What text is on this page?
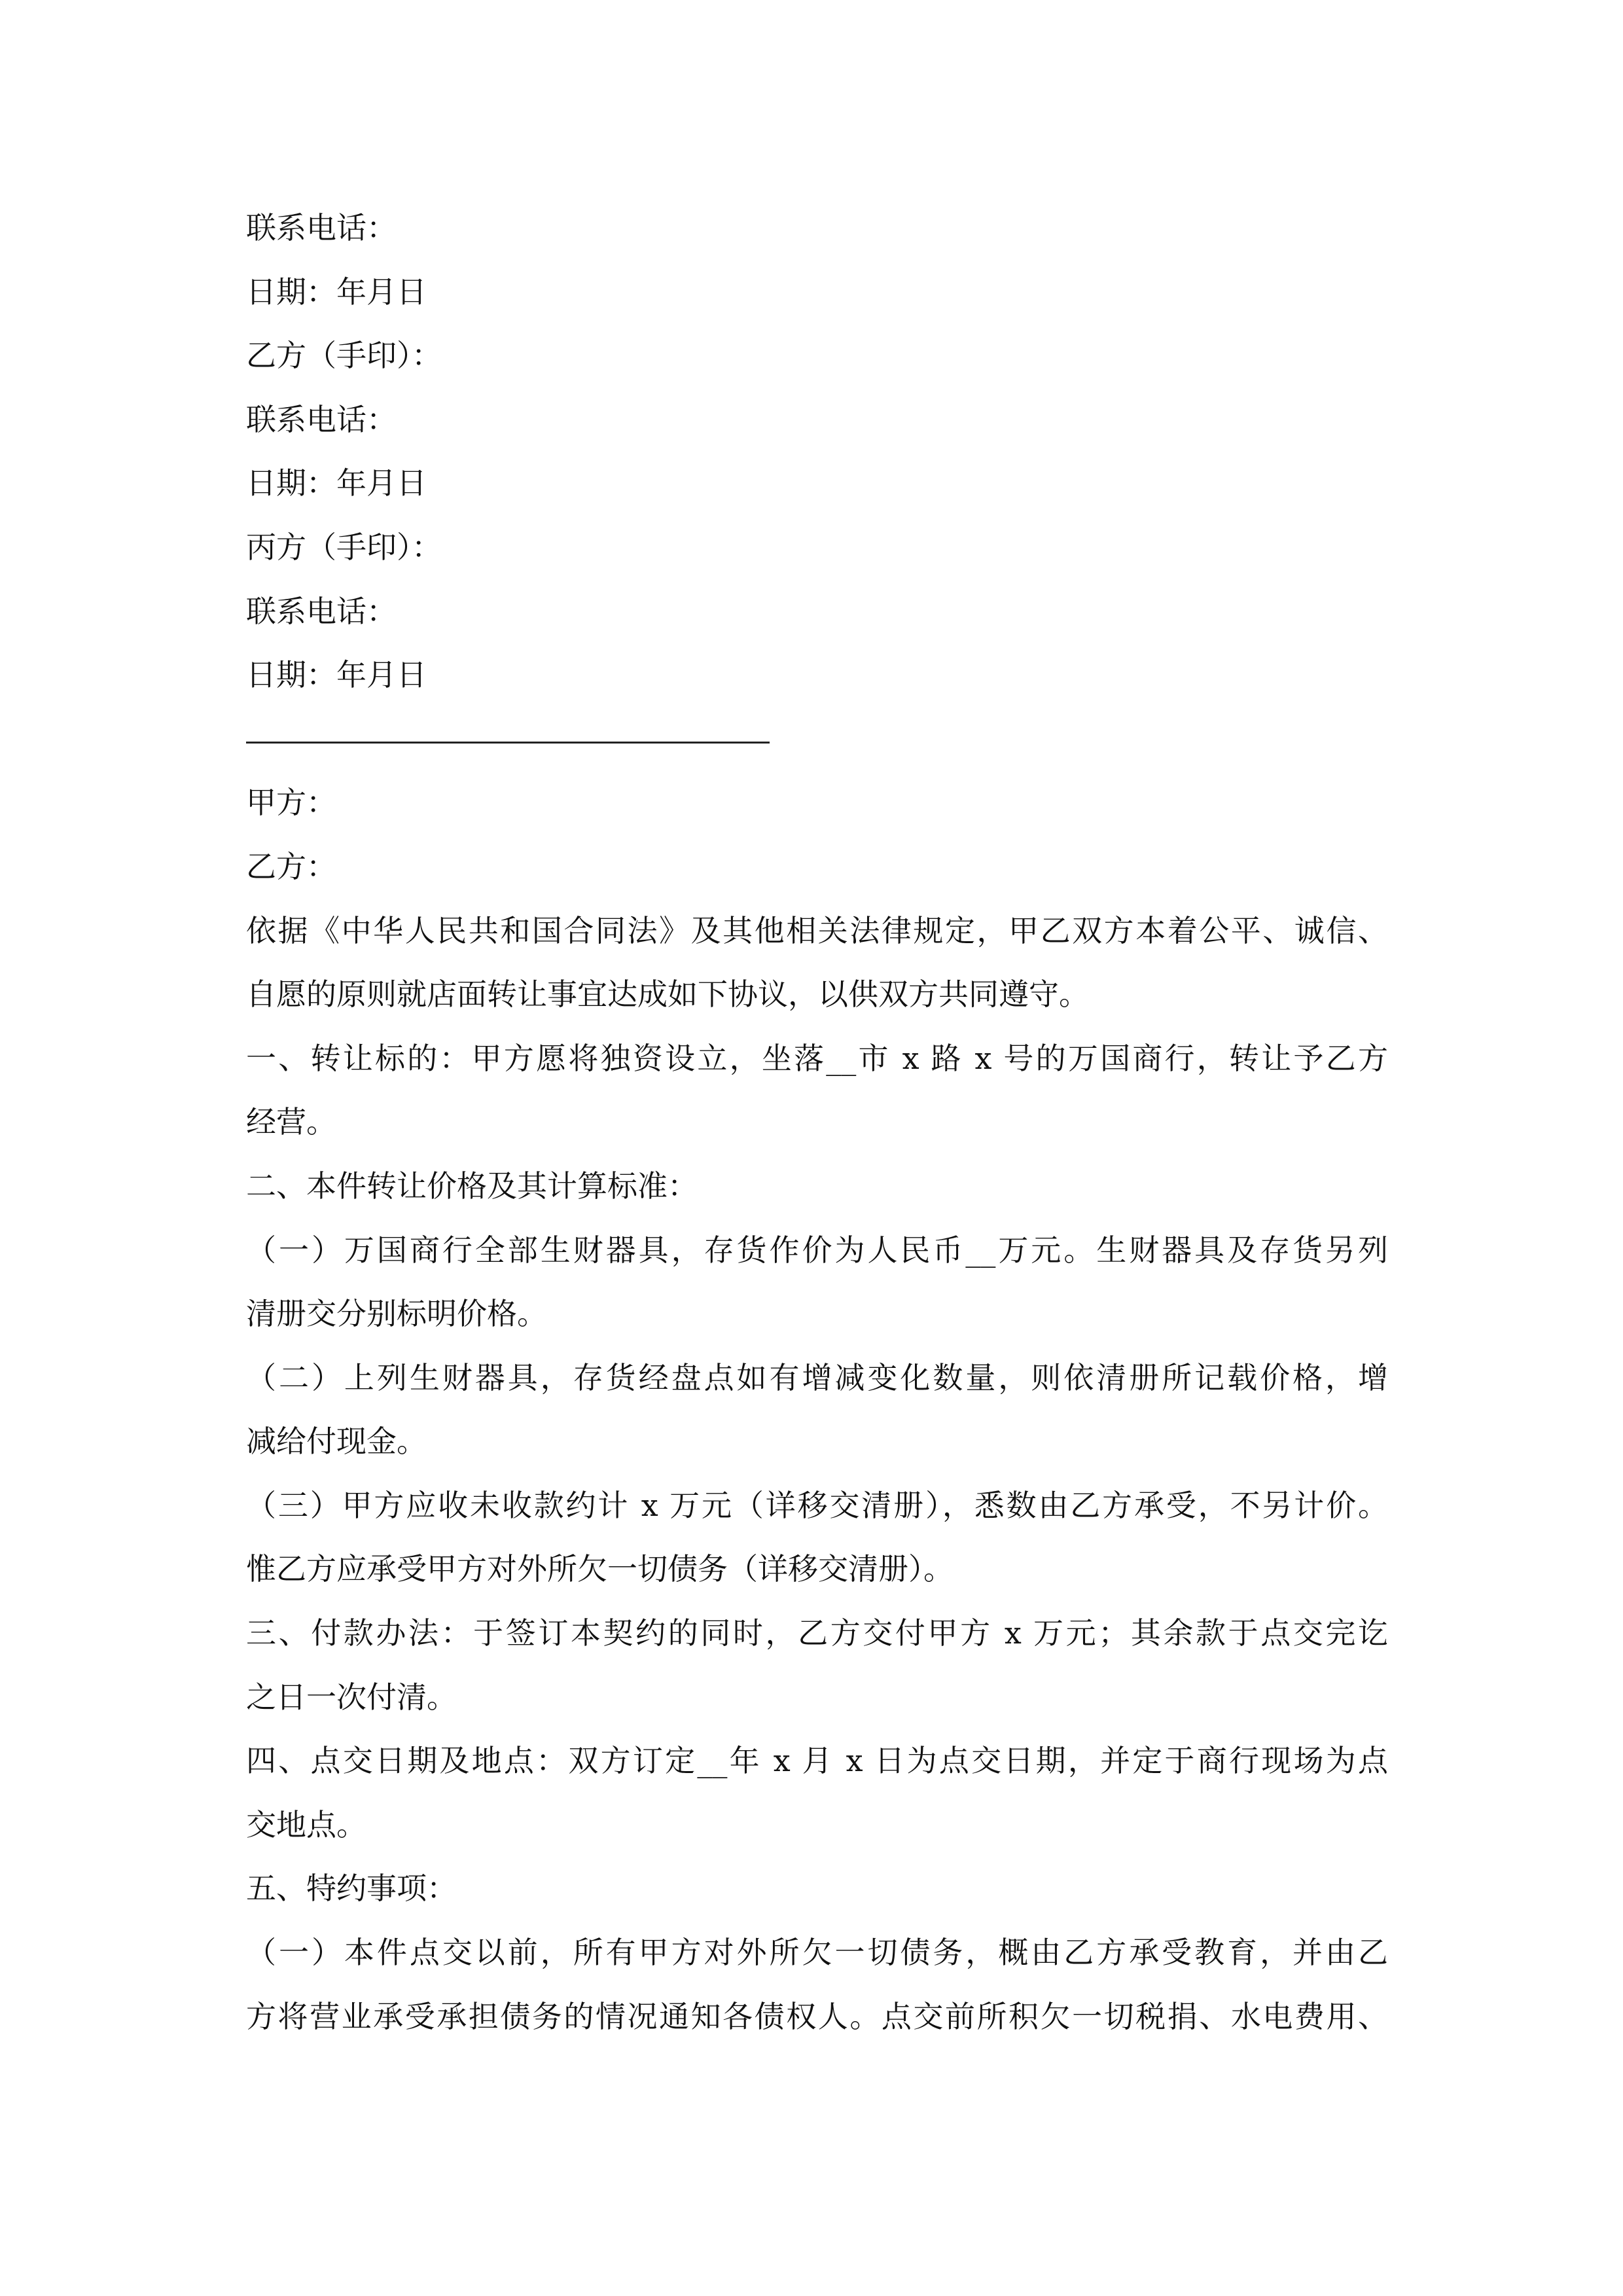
联系电话：
日期：年月日
乙方（手印）：
联系电话：
日期：年月日
丙方（手印）：
联系电话：
日期：年月日
甲方：
乙方：
依据《中华人民共和国合同法》及其他相关法律规定，甲乙双方本着公平、诚信、
自愿的原则就店面转让事宜达成如下协议，以供双方共同遵守。
一、转让标的：甲方愿将独资设立，坐落__市 x 路 x 号的万国商行，转让予乙方
经营。
二、本件转让价格及其计算标准：
（一）万国商行全部生财器具，存货作价为人民币__万元。生财器具及存货另列
清册交分别标明价格。
（二）上列生财器具，存货经盘点如有增减变化数量，则依清册所记载价格，增
减给付现金。
（三）甲方应收未收款约计 x 万元（详移交清册），悉数由乙方承受，不另计价。
惟乙方应承受甲方对外所欠一切债务（详移交清册）。
三、付款办法：于签订本契约的同时，乙方交付甲方 x 万元；其余款于点交完讫
之日一次付清。
四、点交日期及地点：双方订定__年 x 月 x 日为点交日期，并定于商行现场为点
交地点。
五、特约事项：
（一）本件点交以前，所有甲方对外所欠一切债务，概由乙方承受教育，并由乙
方将营业承受承担债务的情况通知各债权人。点交前所积欠一切税捐、水电费用、
